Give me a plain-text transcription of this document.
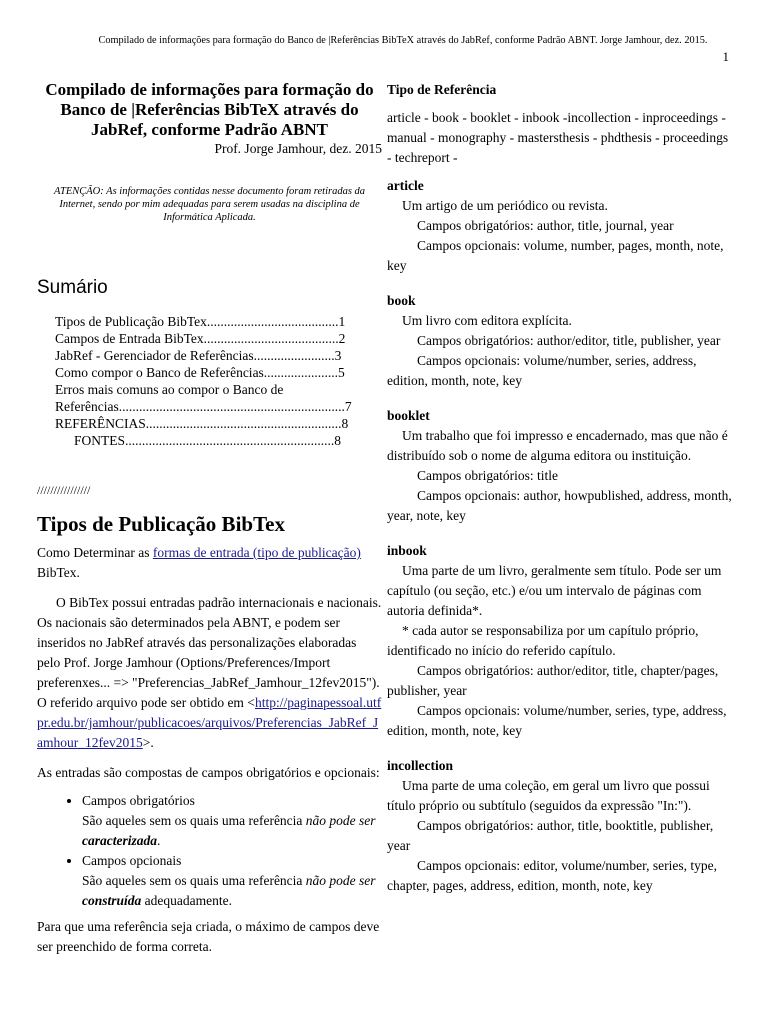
Compilado de informações para formação do Banco de |Referências BibTeX através do JabRef, conforme Padrão ABNT. Jorge Jamhour, dez. 2015.
1
Compilado de informações para formação do Banco de |Referências BibTeX através do JabRef, conforme Padrão ABNT

Prof. Jorge Jamhour, dez. 2015

ATENÇÃO: As informações contidas nesse documento foram retiradas da Internet, sendo por mim adequadas para serem usadas na disciplina de Informática Aplicada.

Sumário
Tipos de Publicação BibTex.......................................1
Campos de Entrada BibTex........................................2
JabRef - Gerenciador de Referências........................3
Como compor o Banco de Referências......................5
Erros mais comuns ao compor o Banco de Referências...................................................................7
REFERÊNCIAS..........................................................8
FONTES..............................................................8
////////////////
Tipos de Publicação BibTex

Como Determinar as formas de entrada (tipo de publicação) BibTex.

O BibTex possui entradas padrão internacionais e nacionais. Os nacionais são determinados pela ABNT, e podem ser inseridos no JabRef através das personalizações elaboradas pelo Prof. Jorge Jamhour (Options/Preferences/Import preferenxes... => "Preferencias_JabRef_Jamhour_12fev2015"). O referido arquivo pode ser obtido em <http://paginapessoal.utfpr.edu.br/jamhour/publicacoes/arquivos/Preferencias_JabRef_Jamhour_12fev2015>.

As entradas são compostas de campos obrigatórios e opcionais:

• Campos obrigatórios
São aqueles sem os quais uma referência não pode ser caracterizada.
• Campos opcionais
São aqueles sem os quais uma referência não pode ser construída adequadamente.

Para que uma referência seja criada, o máximo de campos deve ser preenchido de forma correta.

Tipo de Referência

article - book - booklet - inbook -incollection - inproceedings - manual - monography - mastersthesis - phdthesis - proceedings - techreport -

article

Um artigo de um periódico ou revista.

Campos obrigatórios: author, title, journal, year

Campos opcionais: volume, number, pages, month, note, key

book

Um livro com editora explícita.

Campos obrigatórios: author/editor, title, publisher, year

Campos opcionais: volume/number, series, address, edition, month, note, key

booklet

Um trabalho que foi impresso e encadernado, mas que não é distribuído sob o nome de alguma editora ou instituição.

Campos obrigatórios: title

Campos opcionais: author, howpublished, address, month, year, note, key

inbook

Uma parte de um livro, geralmente sem título. Pode ser um capítulo (ou seção, etc.) e/ou um intervalo de páginas com autoria definida*.

* cada autor se responsabiliza por um capítulo próprio, identificado no início do referido capítulo.

Campos obrigatórios: author/editor, title, chapter/pages, publisher, year

Campos opcionais: volume/number, series, type, address, edition, month, note, key

incollection

Uma parte de uma coleção, em geral um livro que possui título próprio ou subtítulo (seguidos da expressão "In:").

Campos obrigatórios: author, title, booktitle, publisher, year

Campos opcionais: editor, volume/number, series, type, chapter, pages, address, edition, month, note, key
